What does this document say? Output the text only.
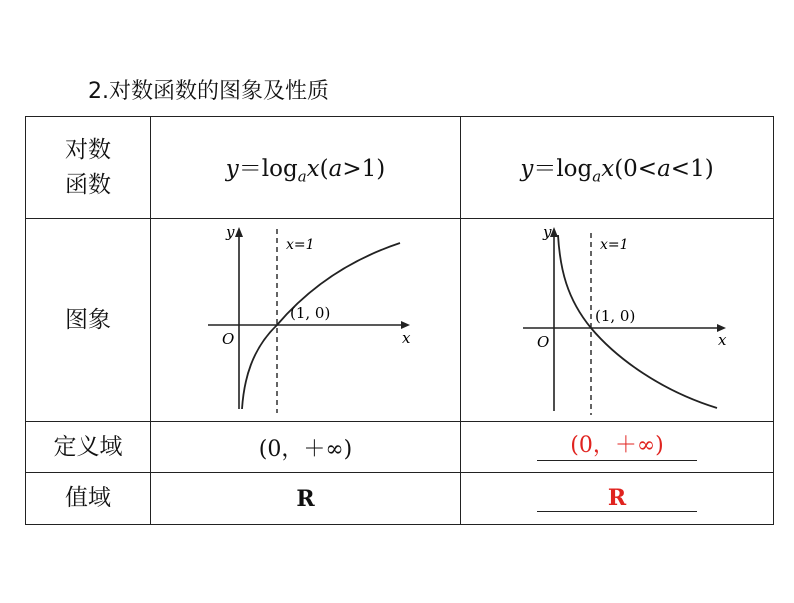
2.对数函数的图象及性质
对数
函数	$y=\log_ax(a>1)$	$y=\log_ax(0<a<1)$
图象	y
x
O
x=1
(1, 0)	y
x
O
x=1
(1, 0)

定义域	(0，＋∞)	(0，＋∞)
值域	R	R
